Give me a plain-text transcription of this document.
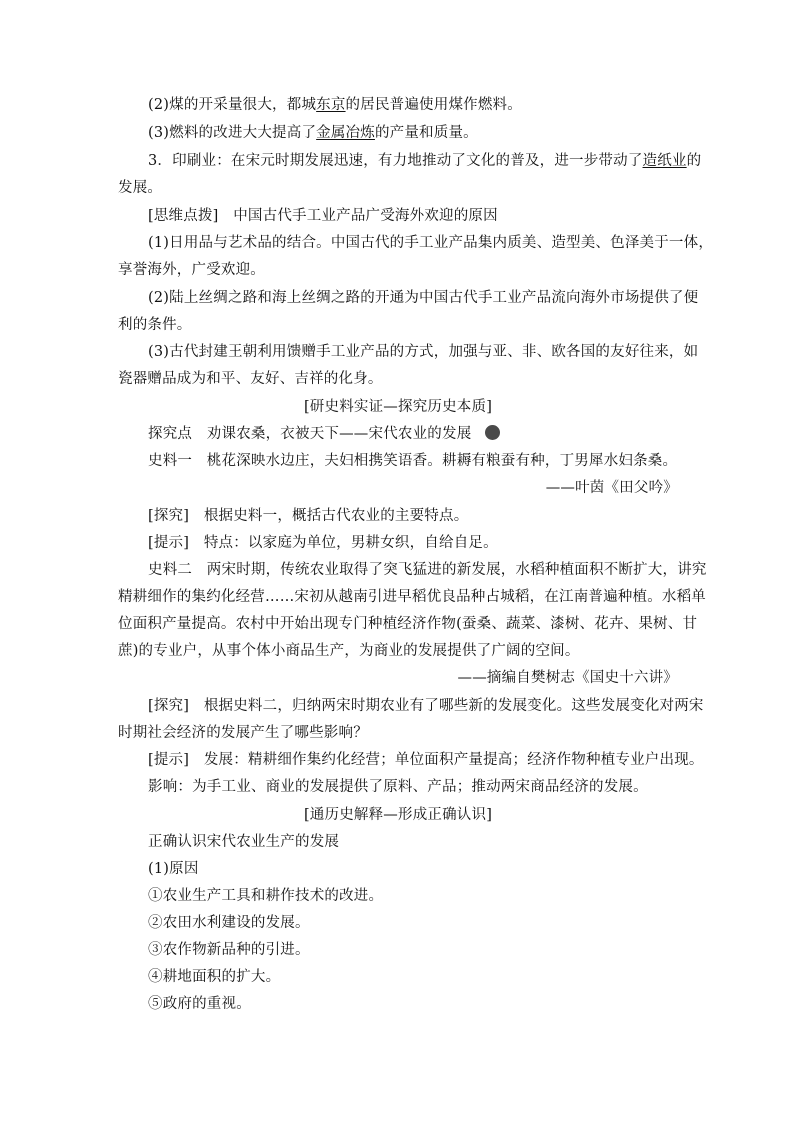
(2)煤的开采量很大，都城东京的居民普遍使用煤作燃料。
(3)燃料的改进大大提高了金属冶炼的产量和质量。
3．印刷业：在宋元时期发展迅速，有力地推动了文化的普及，进一步带动了造纸业的
发展。
[思维点拨]　中国古代手工业产品广受海外欢迎的原因
(1)日用品与艺术品的结合。中国古代的手工业产品集内质美、造型美、色泽美于一体，
享誉海外，广受欢迎。
(2)陆上丝绸之路和海上丝绸之路的开通为中国古代手工业产品流向海外市场提供了便
利的条件。
(3)古代封建王朝利用馈赠手工业产品的方式，加强与亚、非、欧各国的友好往来，如
瓷器赠品成为和平、友好、吉祥的化身。
[研史料实证—探究历史本质]
探究点　劝课农桑，衣被天下——宋代农业的发展
史料一　桃花深映水边庄，夫妇相携笑语香。耕耨有粮蚕有种，丁男犀水妇条桑。
——叶茵《田父吟》
[探究]　根据史料一，概括古代农业的主要特点。
[提示]　特点：以家庭为单位，男耕女织，自给自足。
史料二　两宋时期，传统农业取得了突飞猛进的新发展，水稻种植面积不断扩大，讲究
精耕细作的集约化经营……宋初从越南引进早稻优良品种占城稻，在江南普遍种植。水稻单
位面积产量提高。农村中开始出现专门种植经济作物(蚕桑、蔬菜、漆树、花卉、果树、甘
蔗)的专业户，从事个体小商品生产，为商业的发展提供了广阔的空间。
——摘编自樊树志《国史十六讲》
[探究]　根据史料二，归纳两宋时期农业有了哪些新的发展变化。这些发展变化对两宋
时期社会经济的发展产生了哪些影响？
[提示]　发展：精耕细作集约化经营；单位面积产量提高；经济作物种植专业户出现。
影响：为手工业、商业的发展提供了原料、产品；推动两宋商品经济的发展。
[通历史解释—形成正确认识]
正确认识宋代农业生产的发展
(1)原因
①农业生产工具和耕作技术的改进。
②农田水利建设的发展。
③农作物新品种的引进。
④耕地面积的扩大。
⑤政府的重视。
